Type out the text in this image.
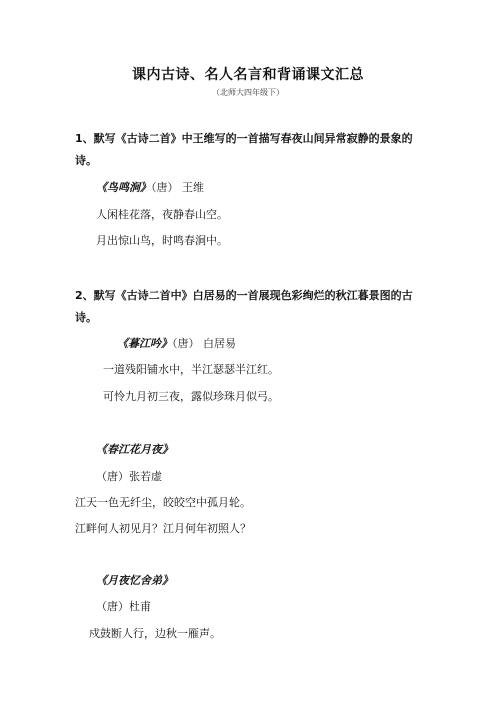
课内古诗、名人名言和背诵课文汇总
（北师大四年级下）
1、默写《古诗二首》中王维写的一首描写春夜山间异常寂静的景象的诗。
《鸟鸣涧》（唐） 王维
人闲桂花落，夜静春山空。
月出惊山鸟，时鸣春涧中。
2、默写《古诗二首中》白居易的一首展现色彩绚烂的秋江暮景图的古诗。
《暮江吟》（唐） 白居易
一道残阳铺水中，半江瑟瑟半江红。
可怜九月初三夜，露似珍珠月似弓。
《春江花月夜》
（唐）张若虚
江天一色无纤尘，皎皎空中孤月轮。
江畔何人初见月？江月何年初照人？
《月夜忆舍弟》
（唐）杜甫
戍鼓断人行，边秋一雁声。
